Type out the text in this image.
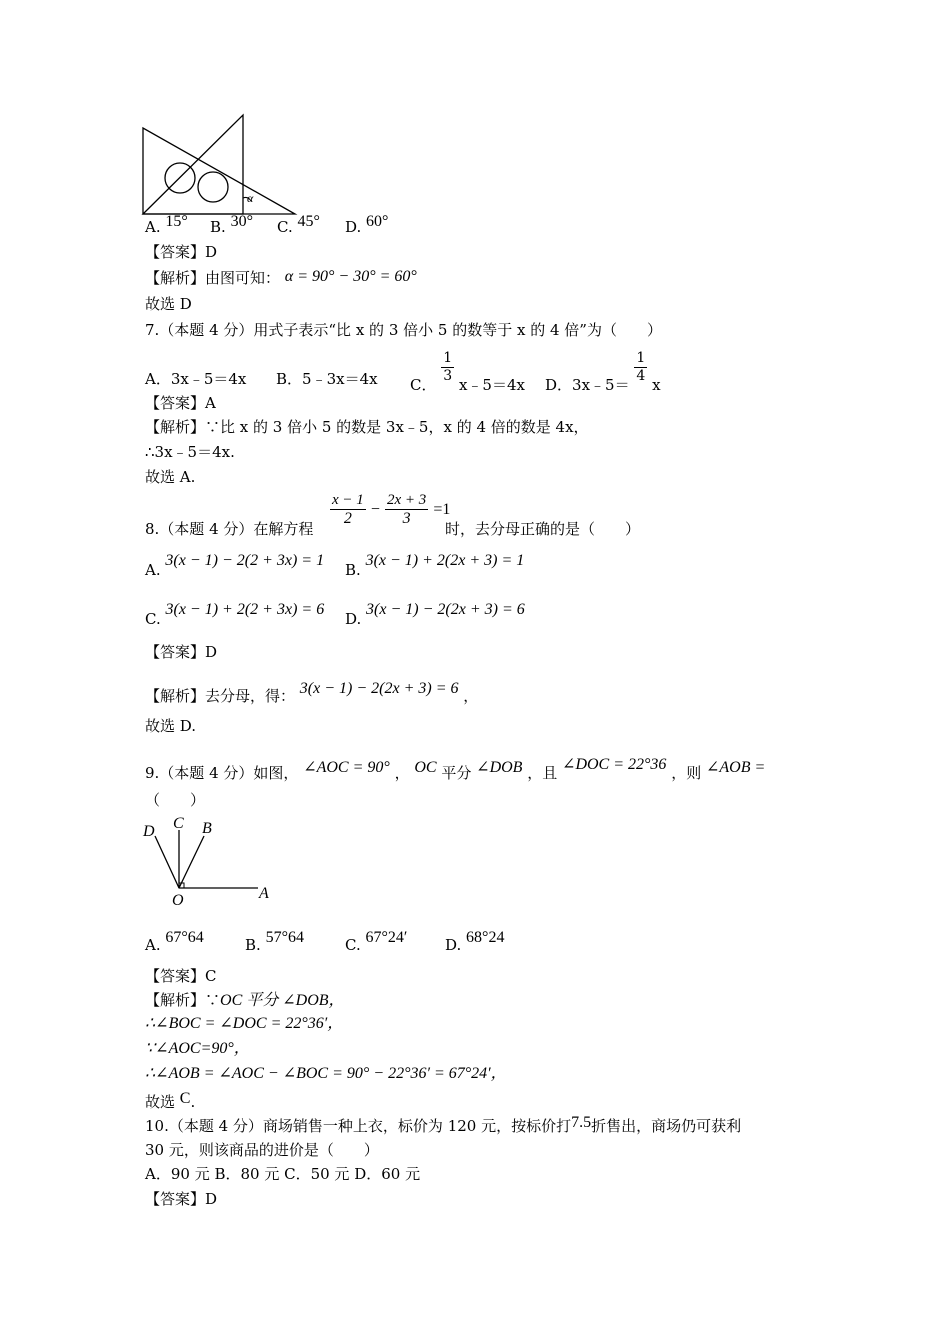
α
A. 15° B. 30° C. 45° D. 60°
【答案】D
【解析】由图可知： α = 90° − 30° = 60°
故选 D
7.（本题 4 分）用式子表示“比 x 的 3 倍小 5 的数等于 x 的 4 倍”为（　　）
A．3x﹣5＝4x B．5﹣3x＝4x C． $\frac{1}{3}$ x﹣5＝4x D．3x﹣5＝ $\frac{1}{4}$ x
【答案】A
【解析】∵比 x 的 3 倍小 5 的数是 3x﹣5，x 的 4 倍的数是 4x，
∴3x﹣5＝4x.
故选 A.
8.（本题 4 分）在解方程
$\frac{x - 1}{2} - \frac{2x + 3}{3} =1$
时，去分母正确的是（　　）
A. 3(x − 1) − 2(2 + 3x) = 1
B. 3(x − 1) + 2(2x + 3) = 1
C. 3(x − 1) + 2(2 + 3x) = 6
D. 3(x − 1) − 2(2x + 3) = 6
【答案】D
【解析】去分母，得： 3(x − 1) − 2(2x + 3) = 6 ，
故选 D.
9.（本题 4 分）如图， ∠AOC = 90° ， OC 平分 ∠DOB ，且 ∠DOC = 22°36 ，则 ∠AOB =
（　　）
D C B
O	A
A. 67°64	B. 57°64	C. 67°24′	D. 68°24
【答案】C
【解析】∵OC 平分 ∠DOB，
∴∠BOC = ∠DOC = 22°36′，
∵∠AOC=90°，
∴∠AOB = ∠AOC − ∠BOC = 90° − 22°36′ = 67°24′，
故选 C.
10.（本题 4 分）商场销售一种上衣，标价为 120 元，按标价打7.5折售出，商场仍可获利
30 元，则该商品的进价是（　　）
A．90 元 B．80 元 C．50 元 D．60 元
【答案】D
